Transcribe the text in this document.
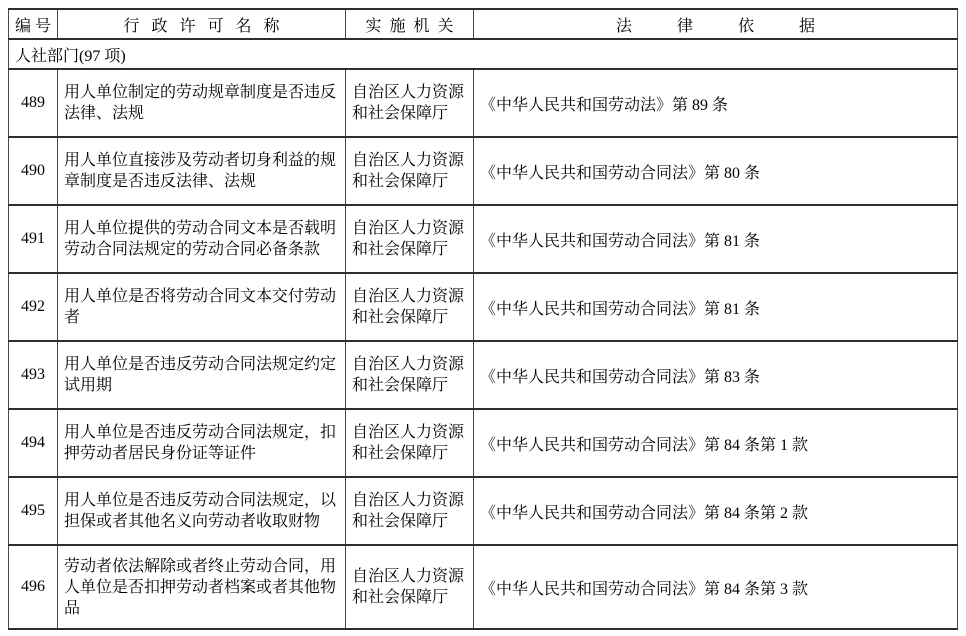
编号	行政许可名称	实施机关	法律依据
人社部门(97 项)			
489	用人单位制定的劳动规章制度是否违反法律、法规	自治区人力资源和社会保障厅	《中华人民共和国劳动法》第 89 条
490	用人单位直接涉及劳动者切身利益的规章制度是否违反法律、法规	自治区人力资源和社会保障厅	《中华人民共和国劳动合同法》第 80 条
491	用人单位提供的劳动合同文本是否载明劳动合同法规定的劳动合同必备条款	自治区人力资源和社会保障厅	《中华人民共和国劳动合同法》第 81 条
492	用人单位是否将劳动合同文本交付劳动者	自治区人力资源和社会保障厅	《中华人民共和国劳动合同法》第 81 条
493	用人单位是否违反劳动合同法规定约定试用期	自治区人力资源和社会保障厅	《中华人民共和国劳动合同法》第 83 条
494	用人单位是否违反劳动合同法规定，扣押劳动者居民身份证等证件	自治区人力资源和社会保障厅	《中华人民共和国劳动合同法》第 84 条第 1 款
495	用人单位是否违反劳动合同法规定，以担保或者其他名义向劳动者收取财物	自治区人力资源和社会保障厅	《中华人民共和国劳动合同法》第 84 条第 2 款
496	劳动者依法解除或者终止劳动合同，用人单位是否扣押劳动者档案或者其他物品	自治区人力资源和社会保障厅	《中华人民共和国劳动合同法》第 84 条第 3 款
